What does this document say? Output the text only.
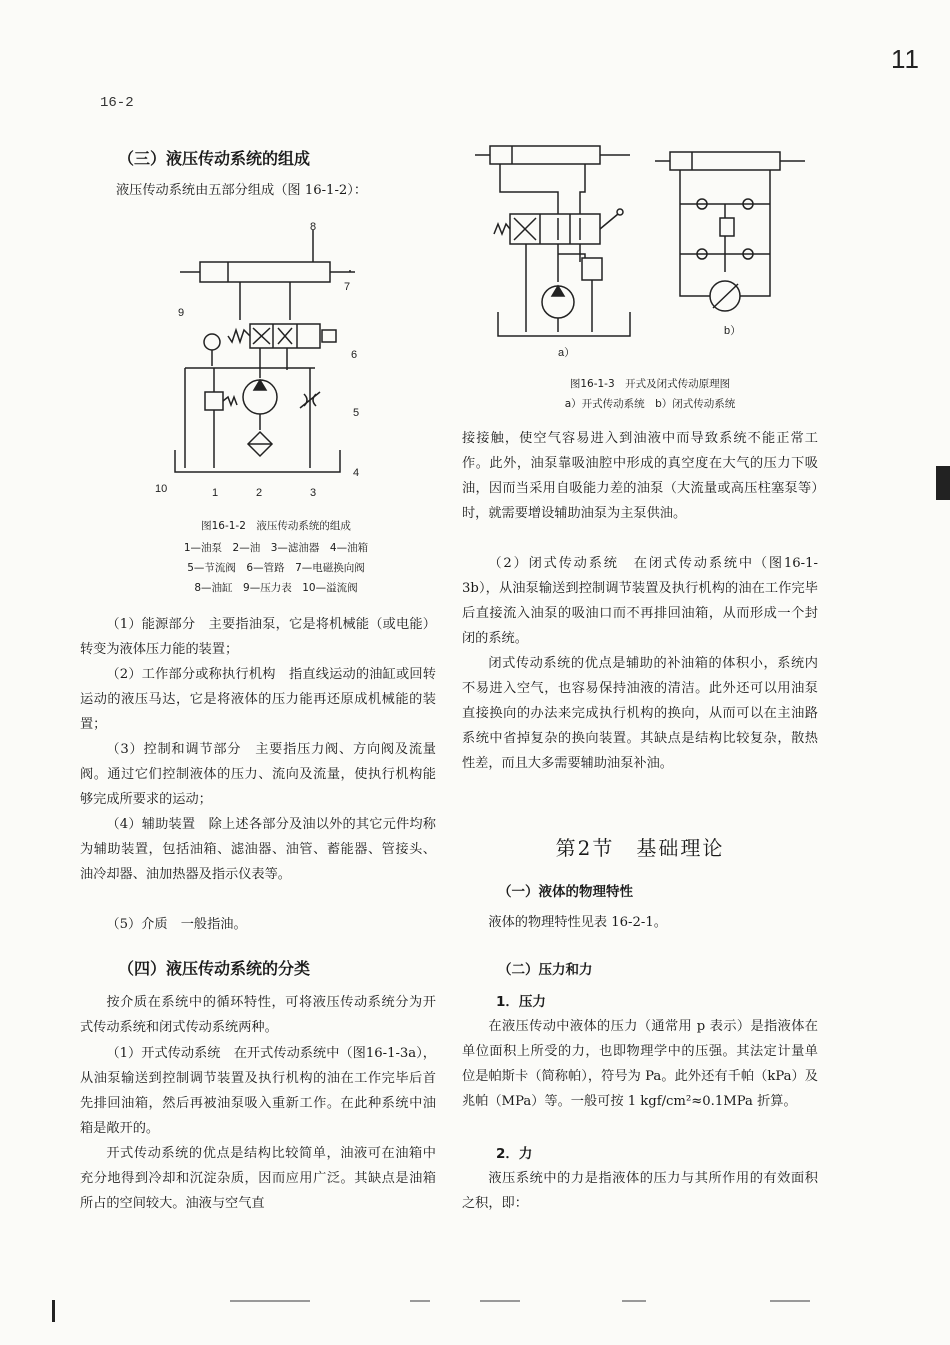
11
16-2
（三）液压传动系统的组成
液压传动系统由五部分组成（图 16-1-2）：
8
9
7
6
5
4
10	1	2	3
图16-1-2　液压传动系统的组成
1—油泵　2—油　3—滤油器　4—油箱
5—节流阀　6—管路　7—电磁换向阀
8—油缸　9—压力表　10—溢流阀
（1）能源部分　主要指油泵，它是将机械能（或电能）转变为液体压力能的装置；
（2）工作部分或称执行机构　指直线运动的油缸或回转运动的液压马达，它是将液体的压力能再还原成机械能的装置；
（3）控制和调节部分　主要指压力阀、方向阀及流量阀。通过它们控制液体的压力、流向及流量，使执行机构能够完成所要求的运动；
（4）辅助装置　除上述各部分及油以外的其它元件均称为辅助装置，包括油箱、滤油器、油管、蓄能器、管接头、油冷却器、油加热器及指示仪表等。
（5）介质　一般指油。
（四）液压传动系统的分类
按介质在系统中的循环特性，可将液压传动系统分为开式传动系统和闭式传动系统两种。
（1）开式传动系统　在开式传动系统中（图16-1-3a），从油泵输送到控制调节装置及执行机构的油在工作完毕后首先排回油箱，然后再被油泵吸入重新工作。在此种系统中油箱是敞开的。
开式传动系统的优点是结构比较简单，油液可在油箱中充分地得到冷却和沉淀杂质，因而应用广泛。其缺点是油箱所占的空间较大。油液与空气直
a）
b）
图16-1-3　开式及闭式传动原理图
a）开式传动系统　b）闭式传动系统
接接触，使空气容易进入到油液中而导致系统不能正常工作。此外，油泵靠吸油腔中形成的真空度在大气的压力下吸油，因而当采用自吸能力差的油泵（大流量或高压柱塞泵等）时，就需要增设辅助油泵为主泵供油。
（2）闭式传动系统　在闭式传动系统中（图16-1-3b），从油泵输送到控制调节装置及执行机构的油在工作完毕后直接流入油泵的吸油口而不再排回油箱，从而形成一个封闭的系统。
闭式传动系统的优点是辅助的补油箱的体积小，系统内不易进入空气，也容易保持油液的清洁。此外还可以用油泵直接换向的办法来完成执行机构的换向，从而可以在主油路系统中省掉复杂的换向装置。其缺点是结构比较复杂，散热性差，而且大多需要辅助油泵补油。
第2节　基础理论
（一）液体的物理特性
液体的物理特性见表 16-2-1。
（二）压力和力
1．压力
在液压传动中液体的压力（通常用 p 表示）是指液体在单位面积上所受的力，也即物理学中的压强。其法定计量单位是帕斯卡（简称帕），符号为 Pa。此外还有千帕（kPa）及兆帕（MPa）等。一般可按 1 kgf/cm²≈0.1MPa 折算。
2．力
液压系统中的力是指液体的压力与其所作用的有效面积之积，即：
